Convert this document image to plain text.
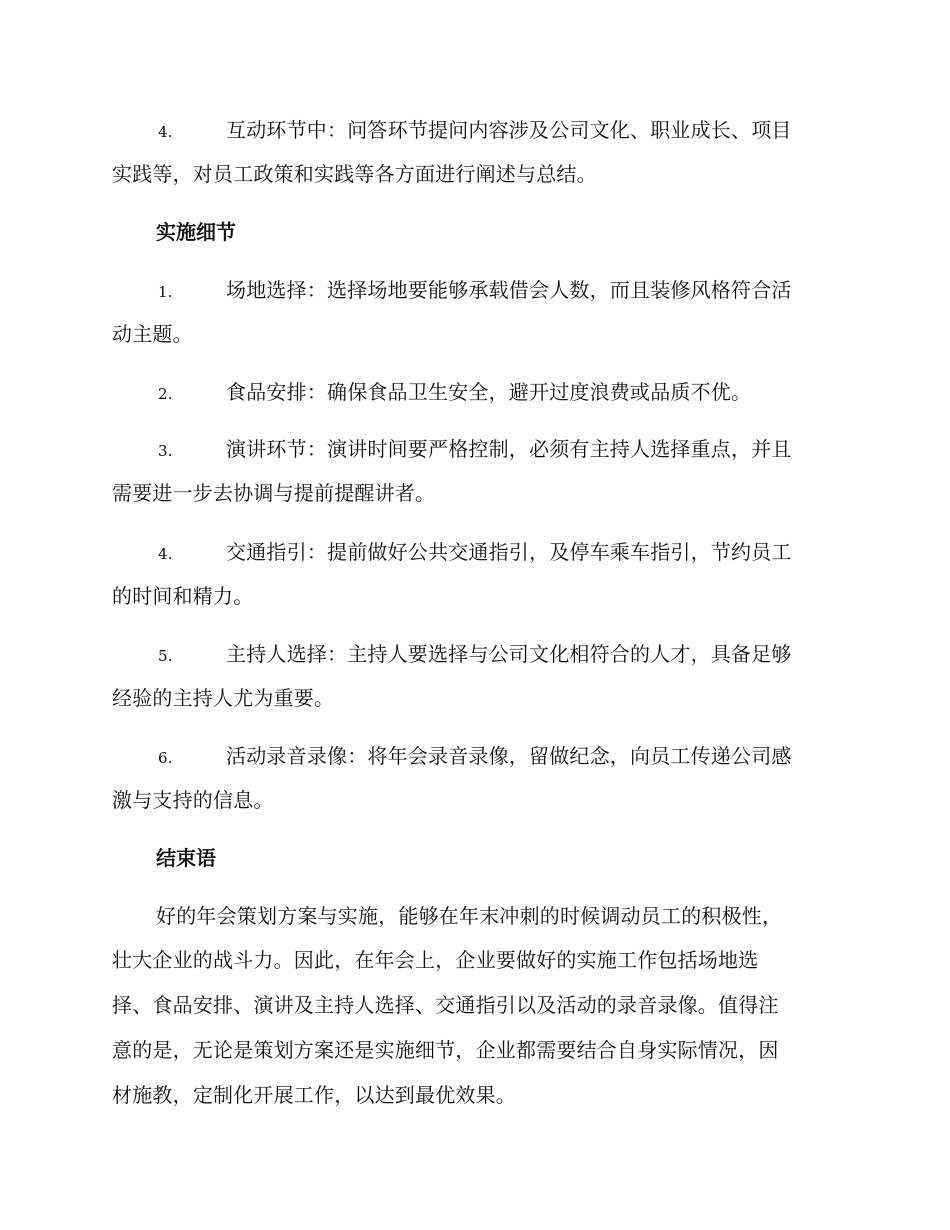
4.	互动环节中：问答环节提问内容涉及公司文化、职业成长、项目
实践等，对员工政策和实践等各方面进行阐述与总结。
实施细节
1.	场地选择：选择场地要能够承载借会人数，而且装修风格符合活
动主题。
2.	食品安排：确保食品卫生安全，避开过度浪费或品质不优。
3.	演讲环节：演讲时间要严格控制，必须有主持人选择重点，并且
需要进一步去协调与提前提醒讲者。
4.	交通指引：提前做好公共交通指引，及停车乘车指引，节约员工
的时间和精力。
5.	主持人选择：主持人要选择与公司文化相符合的人才，具备足够
经验的主持人尤为重要。
6.	活动录音录像：将年会录音录像，留做纪念，向员工传递公司感
激与支持的信息。
结束语
好的年会策划方案与实施，能够在年末冲刺的时候调动员工的积极性，
壮大企业的战斗力。因此，在年会上，企业要做好的实施工作包括场地选
择、食品安排、演讲及主持人选择、交通指引以及活动的录音录像。值得注
意的是，无论是策划方案还是实施细节，企业都需要结合自身实际情况，因
材施教，定制化开展工作，以达到最优效果。
